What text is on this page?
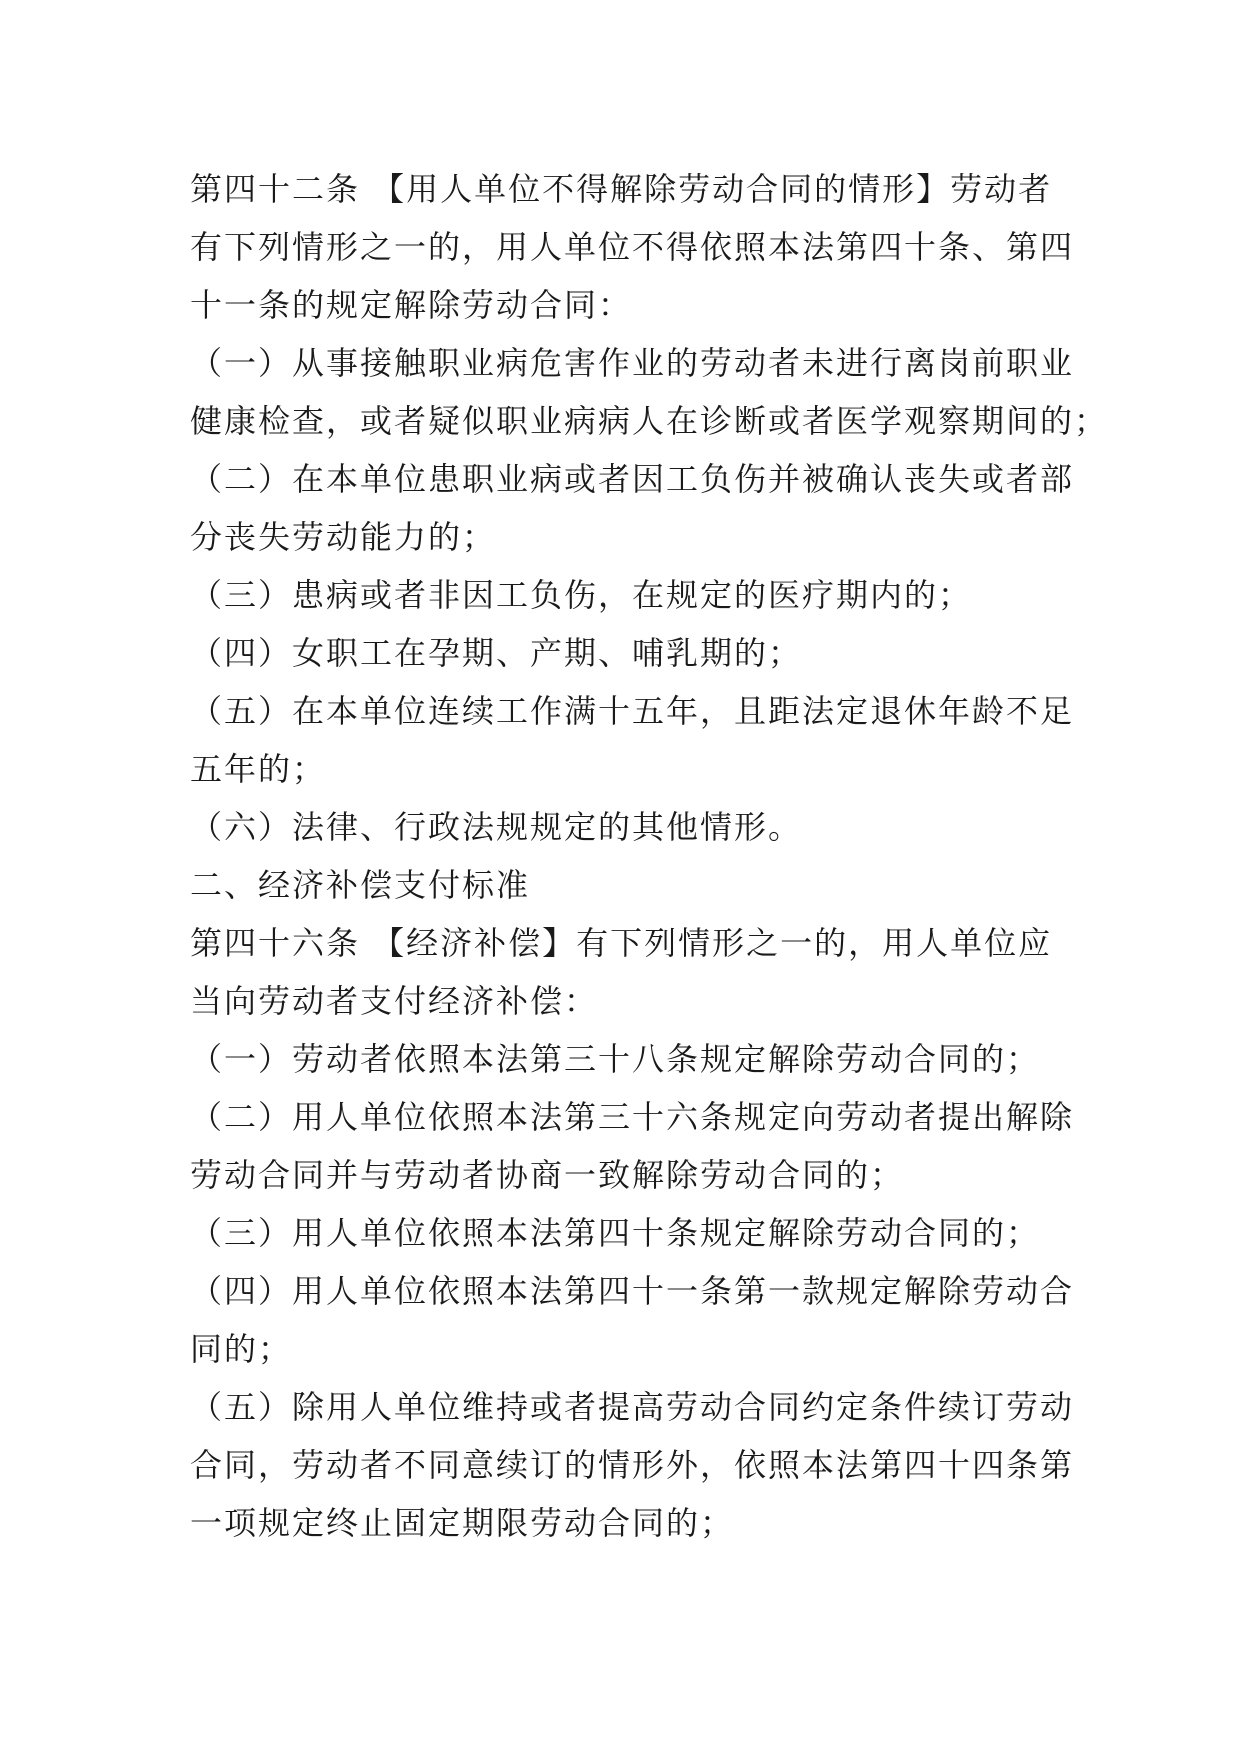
第四十二条 【用人单位不得解除劳动合同的情形】劳动者
有下列情形之一的，用人单位不得依照本法第四十条、第四
十一条的规定解除劳动合同：
（一）从事接触职业病危害作业的劳动者未进行离岗前职业
健康检查，或者疑似职业病病人在诊断或者医学观察期间的；
（二）在本单位患职业病或者因工负伤并被确认丧失或者部
分丧失劳动能力的；
（三）患病或者非因工负伤，在规定的医疗期内的；
（四）女职工在孕期、产期、哺乳期的；
（五）在本单位连续工作满十五年，且距法定退休年龄不足
五年的；
（六）法律、行政法规规定的其他情形。
二、经济补偿支付标准
第四十六条 【经济补偿】有下列情形之一的，用人单位应
当向劳动者支付经济补偿：
（一）劳动者依照本法第三十八条规定解除劳动合同的；
（二）用人单位依照本法第三十六条规定向劳动者提出解除
劳动合同并与劳动者协商一致解除劳动合同的；
（三）用人单位依照本法第四十条规定解除劳动合同的；
（四）用人单位依照本法第四十一条第一款规定解除劳动合
同的；
（五）除用人单位维持或者提高劳动合同约定条件续订劳动
合同，劳动者不同意续订的情形外，依照本法第四十四条第
一项规定终止固定期限劳动合同的；
